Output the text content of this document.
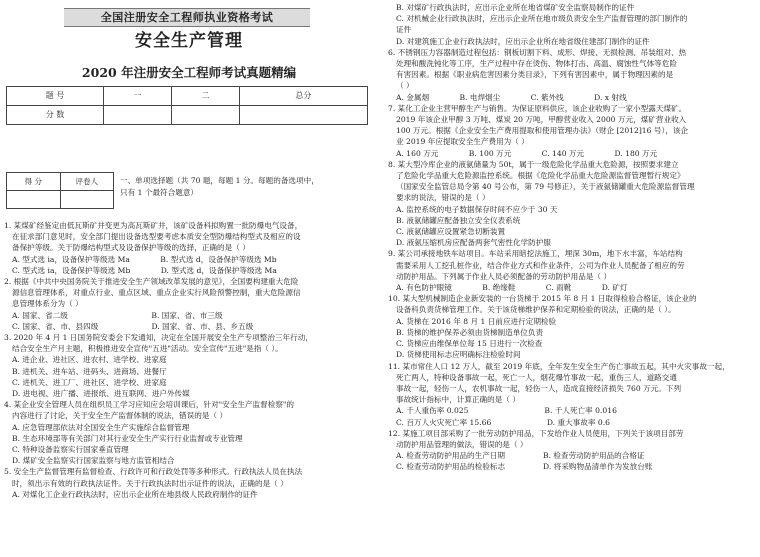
全国注册安全工程师执业资格考试
安全生产管理
2020 年注册安全工程师考试真题精编
题 号	一	二	总分
分 数			
得 分	评卷人
		一、单项选择题（共 70 题，每题 1 分。每题的备选项中，
只有 1 个最符合题意）

1. 某煤矿经鉴定由低瓦斯矿井变更为高瓦斯矿井，该矿设备科拟购置一批防爆电气设备，

在征求部门意见时，安全部门提出设备选型要考虑本质安全型防爆结构型式及相应的设

备保护等级。关于防爆结构型式及设备保护等级的选择，正确的是（ ）

A. 型式选 ia，设备保护等级选 Ma　　　　B. 型式选 d，设备保护等级选 Mb

C. 型式选 ia，设备保护等级选 Mb　　　　D. 型式选 d，设备保护等级选 Ma

2. 根据《中共中央国务院关于推进安全生产领域改革发展的意见》，全国要构建重大危险

源信息管理体系，对重点行业、重点区域、重点企业实行风险预警控制，重大危险源信

息管理体系分为（ ）

A. 国家、省二级　　　　　　　　　　　B. 国家、省、市三级

C. 国家、省、市、县四级　　　　　　　D. 国家、省、市、县、乡五级

3. 2020 年 4 月 1 日国务院安委会下发通知，决定在全国开展安全生产专项整治三年行动，

结合安全生产月主题，积极推进安全宣传"五进"活动。安全宣传"五进"是指（ ）。

A. 进企业、进社区、进农村、进学校、进家庭

B. 进机关、进车站、进码头、进商场、进餐厅

C. 进机关、进工厂、进社区、进学校、进家庭

D. 进电视、进广播、进报纸、进互联网、进户外传媒

4. 某企业安全管理人员在组织员工学习应知应会培训课后，针对"安全生产监督检察"的

内容进行了讨论，关于安全生产监督体制的说法，错误的是（ ）

A. 应急管理部依法对全国安全生产实施综合监督管理

B. 生态环境部等有关部门对其行业安全生产实行行业监督或专业管理

C. 特种设备监察实行国家垂直管理

D. 煤矿安全监察实行国家监察与地方监管相结合

5. 安全生产监督管理有监督检查、行政许可和行政处罚等多种形式。行政执法人员在执法

时，须出示有效的行政执法证件。关于行政执法时出示证件的说法，正确的是（ ）

A. 对煤化工企业行政执法时，应出示企业所在地县级人民政府制作的证件

B. 对煤矿行政执法时，应出示企业所在地省煤矿安全监察局制作的证件

C. 对机械企业行政执法时，应出示企业所在地市级负责安全生产监督管理的部门制作的

证件

D. 对建筑施工企业行政执法时，应出示企业所在地省级住建部门制作的证件

6. 不锈钢压力容器制造过程包括：钢板切割下料、成形、焊接、无损检测、吊装组对、热

处理和酸洗钝化等工序，生产过程中存在烫伤、物体打击、高温、腐蚀性气体等危险

有害因素。根据《职业病危害因素分类目录》，下列有害因素中，属于物理因素的是

（ ）

A. 金属烟　　　　B. 电焊烟尘　　　　C. 紫外线　　　　D. x 射线

7. 某化工企业主营甲醇生产与销售。为保证原料供应，该企业收购了一家小型露天煤矿。

2019 年该企业甲醇 3 万吨、煤炭 20 万吨，甲醇营业收入 2000 万元，煤矿营业收入

100 万元。根据《企业安全生产费用提取和使用管理办法》（财企 [2012]16 号），该企

业 2019 年应提取安全生产费用为（ ）

A. 160 万元　　　　B. 100 万元　　　　C. 140 万元　　　　D. 180 万元

8. 某大型冷库企业的液氨储量为 50t，属于一级危险化学品重大危险源，按照要求建立

了危险化学品重大危险源监控系统。根据《危险化学品重大危险源监督管理暂行规定》

（国家安全监管总局令第 40 号公布，第 79 号修正），关于液氨储罐重大危险源监督管理

要求的说法，错误的是（ ）

A. 监控系统的电子数据保存时间不应少于 30 天

B. 液氨储罐应配备独立安全仪表系统

C. 液氨储罐应设置紧急切断装置

D. 液氨压缩机房应配备两套气密性化学防护服

9. 某公司承接地铁车站项目。车站采用暗挖法施工，埋深 30m，地下水丰富，车站结构

需要采用人工挖孔桩作业，结合作业方式和作业条件，公司为作业人员配备了相应的劳

动防护用品。下列属于作业人员必须配备的劳动防护用品是（ ）

A. 有色防护眼镜　　　　B. 绝缘鞋　　　　C. 雨靴　　　　D. 矿灯

10. 某大型机械制造企业新安装的一台货梯于 2015 年 8 月 1 日取得检验合格证，该企业的

设备科负责货梯管理工作。关于该货梯维护保养和定期检验的说法，正确的是（ ）。

A. 货梯在 2016 年 8 月 1 日前应进行定期检验

B. 货梯的维护保养必须由货梯制造单位负责

C. 货梯应由维保单位每 15 日进行一次检查

D. 货梯使用标志应明确标注检验时间

11. 某市常住人口 12 万人，截至 2019 年底，全年发生安全生产伤亡事故五起，其中火灾事故一起，

死亡两人，特种设备事故一起，死亡一人，烟花爆竹事故一起，重伤三人，道路交通

事故一起，轻伤一人，农机事故一起，轻伤一人，造成直接经济损失 760 万元。下列

事故统计指标中，计算正确的是（ ）

A. 千人重伤率 0.025　　　　　　　　　　B. 千人死亡率 0.016

C. 百万人火灾死亡率 15.66　　　　　　　 D. 重大事故率 0.6

12. 某施工项目部采购了一批劳动防护用品，下发给作业人员使用，下列关于该项目部劳

动防护用品管理的做法，错误的是（ ）

A. 检查劳动防护用品的生产日期　　　　　B. 检查劳动防护用品的合格证

C. 检查劳动防护用品的检验标志　　　　　D. 将采购物品清单作为发放台账
